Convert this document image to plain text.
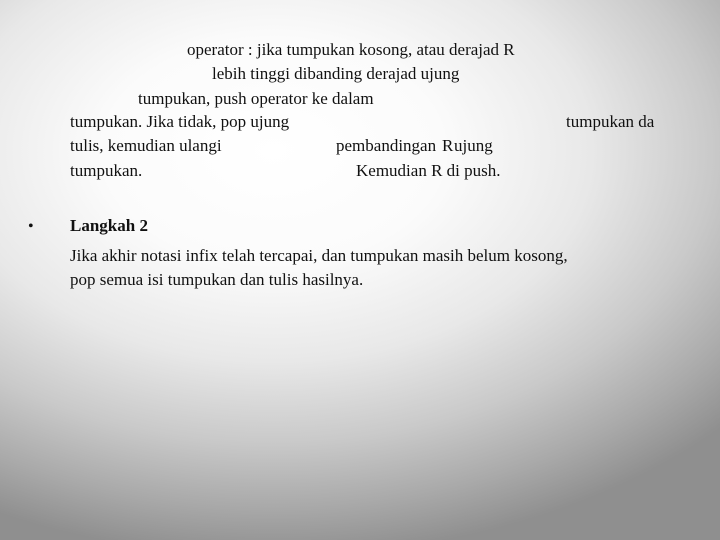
operator : jika tumpukan kosong, atau derajad R
lebih tinggi dibanding derajad ujung
tumpukan, push operator ke dalam
tumpukan. Jika tidak, pop ujung	tumpukan da
tulis, kemudian ulangi	pembandingan R ujung
tumpukan.	Kemudian R di push.
• Langkah 2
Jika akhir notasi infix telah tercapai, dan tumpukan masih belum kosong,
pop semua isi tumpukan dan tulis hasilnya.
